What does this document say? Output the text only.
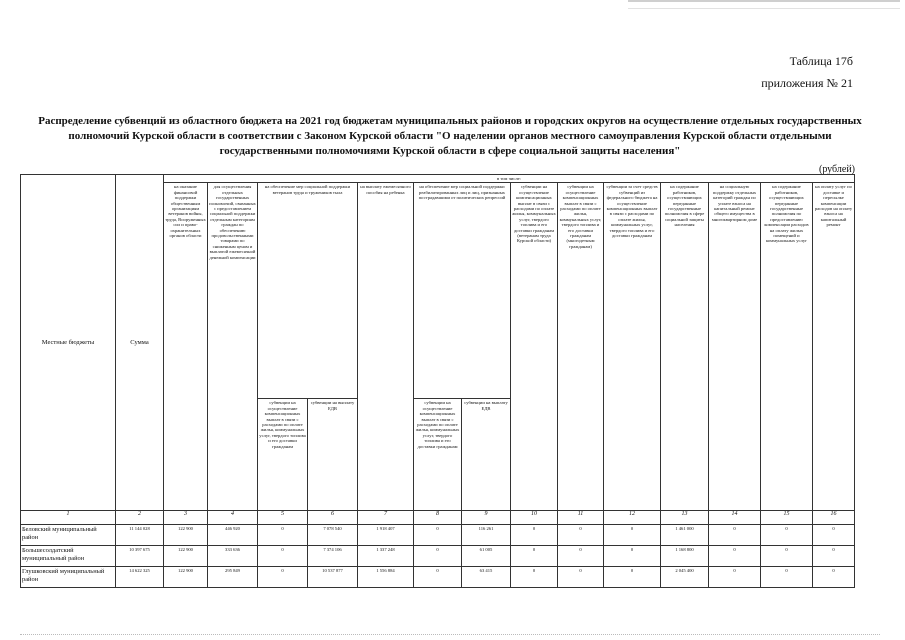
Таблица 17б
приложения № 21
Распределение субвенций из областного бюджета на 2021 год бюджетам муниципальных районов и городских округов на осуществление отдельных государственных полномочий Курской области в соответствии с Законом Курской области "О наделении органов местного самоуправления Курской области отдельными государственными полномочиями Курской области в сфере социальной защиты населения"
(рублей)
Местные бюджеты	Сумма	в том числе:													
		на оказание финансовой поддержки общественным организациям ветеранов войны, труда, Вооруженных сил и право-охранительных органов области	для осуществления отдельных государственных полномочий, связанных с предоставлением социальной поддержки отдельным категориям граждан по обеспечению продовольственными товарами по сниженным ценам и выплатой ежемесячной денежной компенсации	на обеспечение мер социальной поддержки ветеранов труда и тружеников тыла		на выплату ежемесячного пособия на ребенка	на обеспечение мер социальной поддержки реабилитированных лиц и лиц, признанных пострадавшими от политических репрессий		субвенции на осуществление компенсационных выплат в связи с расходами по оплате жилья, коммунальных услуг, твердого топлива и его доставки гражданам (ветеранам труда Курской области)	субвенции на осуществление компенсационных выплат в связи с расходами по оплате жилья, коммунальных услуг, твердого топлива и его доставки гражданам (многодетным гражданам)	субвенции за счет средств субвенций из федерального бюджета на осуществление компенсационных выплат в связи с расходами по оплате жилья, коммунальных услуг, твердого топлива и его доставки гражданам	на содержание работников, осуществляющих переданные государственные полномочия в сфере социальной защиты населения	на социальную поддержку отдельных категорий граждан по уплате взноса на капитальный ремонт общего имущества в многоквартирном доме	на содержание работников, осуществляющих переданные государственные полномочия по предоставлению компенсации расходов на оплату жилых помещений и коммунальных услуг	на оплату услуг по доставке и пересылке компенсации расходов на оплату взноса на капитальный ремонт

				субвенции на осуществление компенсационных выплат в связи с расходами по оплате жилья, коммунальных услуг, твердого топлива и его доставки гражданам	субвенции на выплату ЕДВ		субвенции на осуществление компенсационных выплат в связи с расходами по оплате жилья, коммунальных услуг, твердого топлива и его доставки гражданам	субвенции на выплату ЕДВ							
1	2	3	4	5	6	7	8	9	10	11	12	13	14	15	16
Беловский муниципальный район	11 144 028	122 900	446 920	0	7 078 540	1 918 407	0	116 261	0	0	0	1 461 000	0	0	0
Большесолдатский муниципальный район	10 397 675	122 900	333 636	0	7 374 106	1 337 248	0	61 005	0	0	0	1 168 800	0	0	0
Глушковский муниципальный район	14 622 325	122 900	295 849	0	10 537 877	1 556 884	0	63 415	0	0	0	2 045 400	0	0	0
